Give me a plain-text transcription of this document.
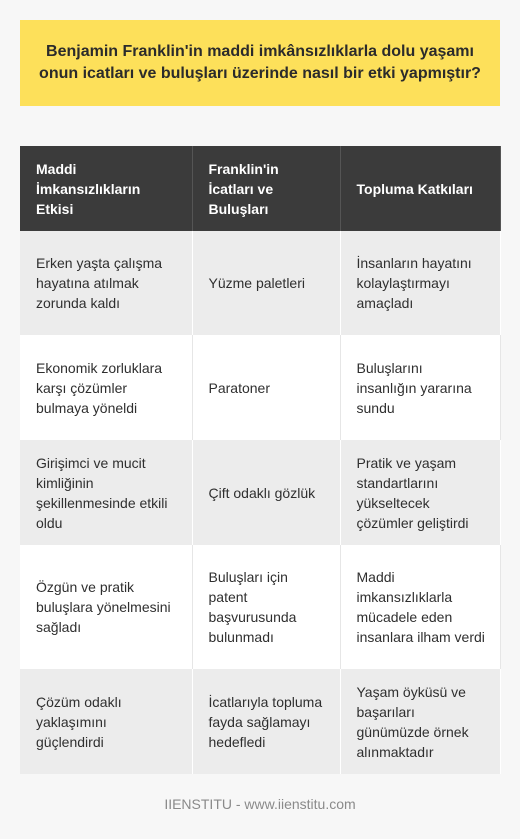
Benjamin Franklin'in maddi imkânsızlıklarla dolu yaşamı onun icatları ve buluşları üzerinde nasıl bir etki yapmıştır?
Maddi İmkansızlıkların Etkisi	Franklin'in İcatları ve Buluşları	Topluma Katkıları
Erken yaşta çalışma hayatına atılmak zorunda kaldı	Yüzme paletleri	İnsanların hayatını kolaylaştırmayı amaçladı
Ekonomik zorluklara karşı çözümler bulmaya yöneldi	Paratoner	Buluşlarını insanlığın yararına sundu
Girişimci ve mucit kimliğinin şekillenmesinde etkili oldu	Çift odaklı gözlük	Pratik ve yaşam standartlarını yükseltecek çözümler geliştirdi
Özgün ve pratik buluşlara yönelmesini sağladı	Buluşları için patent başvurusunda bulunmadı	Maddi imkansızlıklarla mücadele eden insanlara ilham verdi
Çözüm odaklı yaklaşımını güçlendirdi	İcatlarıyla topluma fayda sağlamayı hedefledi	Yaşam öyküsü ve başarıları günümüzde örnek alınmaktadır
IIENSTITU - www.iienstitu.com
